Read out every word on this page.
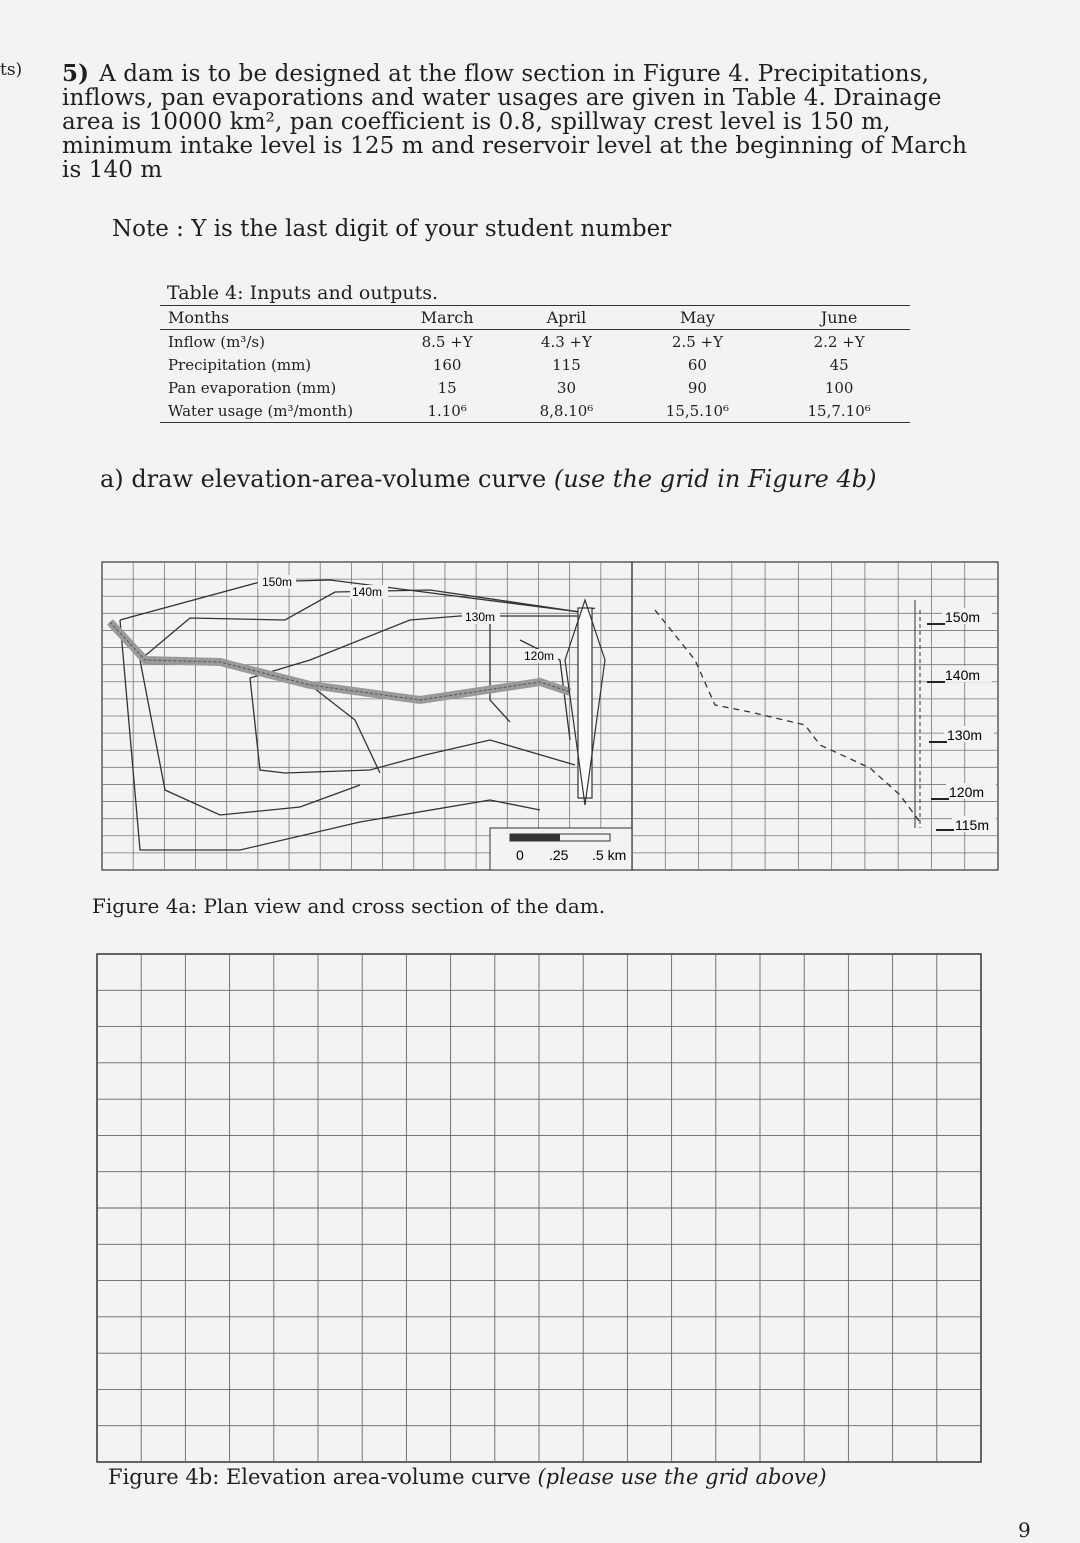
ts) 5) A dam is to be designed at the flow section in Figure 4. Precipitations, inflows, pan evaporations and water usages are given in Table 4. Drainage area is 10000 km², pan coefficient is 0.8, spillway crest level is 150 m, minimum intake level is 125 m and reservoir level at the beginning of March is 140 m
Note : Y is the last digit of your student number
Table 4: Inputs and outputs.
Months	March	April	May	June
Inflow (m³/s)	8.5 +Y	4.3 +Y	2.5 +Y	2.2 +Y
Precipitation (mm)	160	115	60	45
Pan evaporation (mm)	15	30	90	100
Water usage (m³/month)	1.10⁶	8,8.10⁶	15,5.10⁶	15,7.10⁶
a) draw elevation-area-volume curve (use the grid in Figure 4b)
150m
140m
130m
120m
0 .25 .5 km
150m
140m
130m
120m
115m
Figure 4a: Plan view and cross section of the dam.
Figure 4b: Elevation area-volume curve (please use the grid above)
9
